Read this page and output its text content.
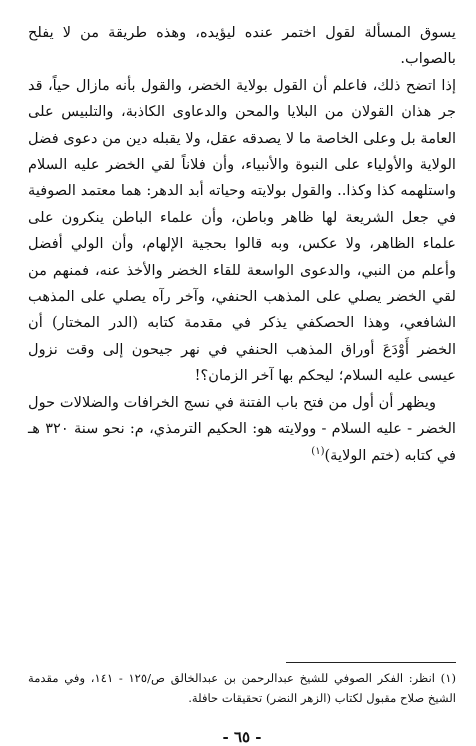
يسوق المسألة لقول اختمر عنده ليؤيده، وهذه طريقة من لا يفلح بالصواب.

إذا اتضح ذلك، فاعلم أن القول بولاية الخضر، والقول بأنه مازال حياً، قد جر هذان القولان من البلايا والمحن والدعاوى الكاذبة، والتلبيس على العامة بل وعلى الخاصة ما لا يصدقه عقل، ولا يقبله دين من دعوى فضل الولاية والأولياء على النبوة والأنبياء، وأن فلاناً لقي الخضر عليه السلام واستلهمه كذا وكذا.. والقول بولايته وحياته أبد الدهر: هما معتمد الصوفية في جعل الشريعة لها ظاهر وباطن، وأن علماء الباطن ينكرون على علماء الظاهر، ولا عكس، وبه قالوا بحجية الإلهام، وأن الولي أفضل وأعلم من النبي، والدعوى الواسعة للقاء الخضر والأخذ عنه، فمنهم من لقي الخضر يصلي على المذهب الحنفي، وآخر رآه يصلي على المذهب الشافعي، وهذا الحصكفي يذكر في مقدمة كتابه (الدر المختار) أن الخضر أَوْدَعَ أوراق المذهب الحنفي في نهر جيحون إلى وقت نزول عيسى عليه السلام؛ ليحكم بها آخر الزمان؟!

ويظهر أن أول من فتح باب الفتنة في نسج الخرافات والضلالات حول الخضر - عليه السلام - وولايته هو: الحكيم الترمذي، م: نحو سنة ٣٢٠ هـ في كتابه (ختم الولاية)$^{(١)}$

(١) انظر: الفكر الصوفي للشيخ عبدالرحمن بن عبدالخالق ص/١٢٥ - ١٤١، وفي مقدمة الشيخ صلاح مقبول لكتاب (الزهر النضر) تحقيقات حافلة.
- ٦٥ -
